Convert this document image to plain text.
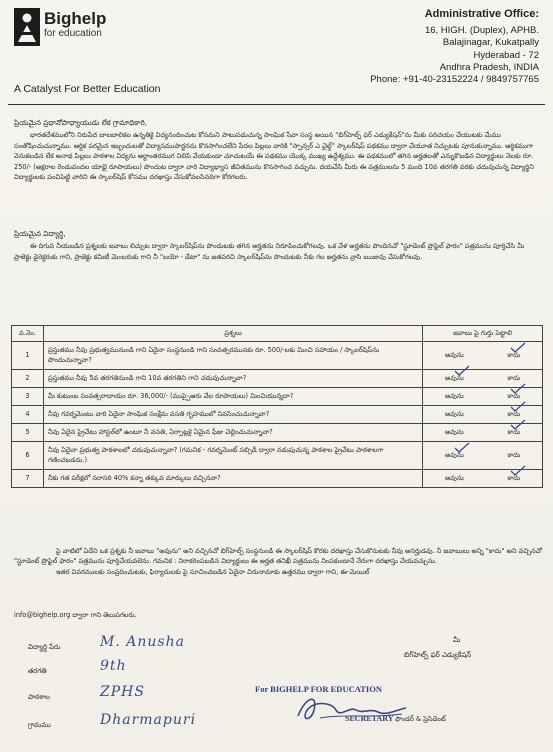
Bighelp
for education
A Catalyst For Better Education
Administrative Office:
16, HIGH. (Duplex), APHB.
Balajinagar, Kukatpally
Hyderabad - 72
Andhra Pradesh, INDIA
Phone: +91-40-23152224 / 9849757765
ప్రియమైన ప్రధానోపాధ్యాయుడు లేక గ్రామాధికారి,
భారతదేశములోని నిరుపేద బాలబాలికల ఉన్నతికై విద్యనందించుట కోసమని పాటుపడుచున్న సాంఘిక సేవా సంస్థ అయిన "బిగ్‌హెల్ప్ ఫర్ ఎడ్యుకేషన్"ను మీకు పరిచయం చేయుటకు మేము సంతోషించుచున్నాము. ఆర్థిక పరమైన ఇబ్బందులతో విద్యాసముపార్జనను కొనసాగించలేని పేదల పిల్లలు వారికి "స్పాన్సర్ ఎ చైల్డ్" స్కాలర్‌షిప్ పథకము ద్వారా చేయూత నిచ్చుటకు పూనుకున్నాము. ఆర్థికముగా వెనుకబడిన లేక అనాథ పిల్లలు పాఠశాల విద్యను అర్థాంతరముగ నిలిపి వేయకుండా చూచుటయే ఈ పథకము యొక్క ముఖ్య ఉద్దేశ్యము. ఈ పథకములో తగిన అర్హతలతో ఎన్నుకొబడిన విద్యార్థులు నెలకు రూ. 250/- (అక్షరాల రెండువందల యాభై రూపాయలు) పొందుట ద్వారా వారి విద్యాభ్యాస జీవితమును కొనసాగించ వచ్చును. దయచేసి మీరు ఈ పత్రములను 5 మంది 10వ తరగతి వరకు చదువుచున్న విద్యార్థిని విద్యార్థులకు పంచిపెట్టి వారిని ఈ స్కాలర్‌షిప్ కోసము దరఖాస్తు చేసుకోవలసినదిగా కోరగలరు.
ప్రియమైన విద్యార్థి,
ఈ దిగువ నీయబడిన ప్రశ్నలకు జవాబు లిచ్చుట ద్వారా స్కాలర్‌షిప్‌ను పొందుటకు తగిన అర్హతను నిరూపించుకోగలవు. ఒక వేళ అర్హతను పొందినచో "స్టూడెంట్ ప్రొఫైల్ ఫారం" పత్రమును పూర్తిచేసి మీ ప్రాజెక్టు డైరెక్టరుకు గాని, ప్రాజెక్టు కమిటీ మెంబరుకు గాని నీ "బయో - డేటా" ను జతపరచి స్కాలర్‌షిప్‌ను పొందుటకు నీకు గల అర్హతను వ్రాసి ఋజువు చేసుకోగలవు.
వ.నెం.	ప్రశ్నలు	జవాబు పై గుర్తు పెట్టాలి
1	ప్రస్తుతము నీవు ప్రభుత్వమునుండి గాని ఏదైనా సంస్థనుండి గాని సంవత్సరమునకు రూ. 500/-లకు మించి సహాయం / స్కాలర్‌షిప్‌ను పొందుచున్నావా?	అవును కాదు

2	ప్రస్తుతము నీవు 5వ తరగతినుండి గాని 10వ తరగతిని గాని చదువుచున్నావా?	అవును కాదు

3	మీ కుటుంబ సంవత్సరాదాయం రూ. 36,000/- (ముప్పైఆరు వేల రూపాయలు) మించియున్నదా?	అవును కాదు

4	నీవు గవర్నమెంటు వారి ఏదైనా సాంఘిక సంక్షేమ వసతి గృహములో నివసించుచున్నావా?	అవును కాదు

5	నీవు ఏదైన ప్రైవేటు హాస్టల్‌లో ఉంటూ నీ వసతి, ఏర్పాట్లకై ఏమైన ఫీజు చెల్లించుచున్నావా?	అవును కాదు

6	నీవు ఏదైనా ప్రభుత్వ పాఠశాలలో చదువుచున్నావా? (గమనిక - గవర్నమెంట్ సబ్సిడీ ద్వారా నడుపుచున్న పాఠశాల ప్రైవేటు పాఠశాలగా గణించబడదు.)	అవును కాదు

7	నీకు గత పరీక్షలో సరాసరి 40% కన్నా తక్కువ మార్కులు వచ్చినవా?	అవును కాదు
పై వాటిలో ఏదేని ఒక ప్రశ్నకు నీ జవాబు "అవును" అని వచ్చినచో బిగ్‌హెల్ప్ సంస్థనుండి ఈ స్కాలర్‌షిప్ కొరకు దరఖాస్తు చేసుకొనుటకు నీవు అనర్హుడవు. నీ జవాబులు అన్ని "కాదు" అని వచ్చినచో "స్టూడెంట్ ప్రొఫైల్ ఫారం" పత్రమును పూర్తిచేయవలెను. గమనిక : నిరాకరింపబడిన విద్యార్థులు ఈ అర్హత తనిఖీ పత్రమును నింపకుండానే నేరుగా దరఖాస్తు చేయవచ్చును.
ఇతర వివరములకు సంప్రదించుటకు, ఫిర్యాదులకు పై సూచించబడిన ఏదైనా చిరునామాకు ఉత్తరము ద్వారా గాని, ఈ-మెయిల్
info@bighelp.org ద్వారా గాని తెలుపగలరు.
విద్యార్థి పేరు	M. Anusha
తరగతి	9th
పాఠశాల	ZPHS
గ్రామము	Dharmapuri
మీ
బిగ్‌హెల్ప్ ఫర్ ఎడ్యుకేషన్
For BIGHELP FOR EDUCATION
SECRETARY ఫౌండర్ & ప్రెసిడెంట్
